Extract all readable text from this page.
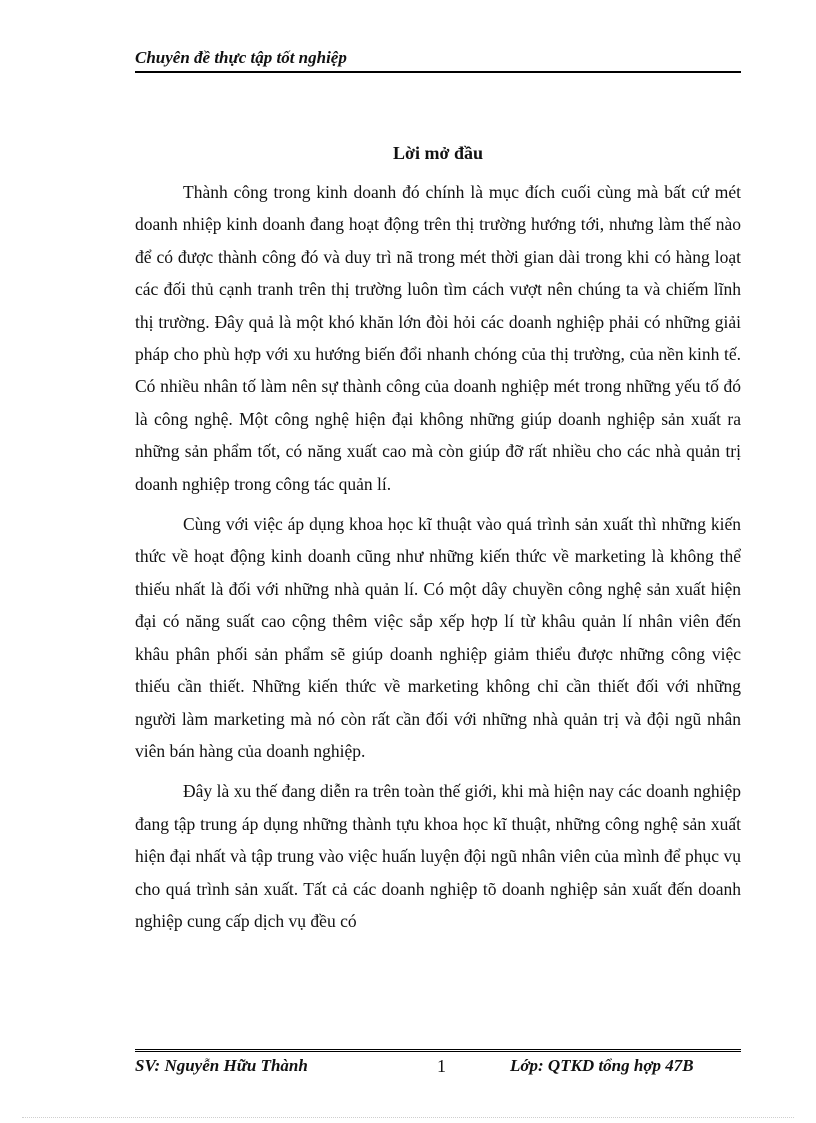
Chuyên đề thực tập tốt nghiệp
Lời mở đầu

Thành công trong kinh doanh đó chính là mục đích cuối cùng mà bất cứ mét doanh nhiệp kinh doanh đang hoạt động trên thị trường hướng tới, nhưng làm thế nào để có được thành công đó và duy trì nã trong mét thời gian dài trong khi có hàng loạt các đối thủ cạnh tranh trên thị trường luôn tìm cách vượt nên chúng ta và chiếm lĩnh thị trường. Đây quả là một khó khăn lớn đòi hỏi các doanh nghiệp phải có những giải pháp cho phù hợp với xu hướng biến đổi nhanh chóng của thị trường, của nền kinh tế. Có nhiều nhân tố làm nên sự thành công của doanh nghiệp mét trong những yếu tố đó là công nghệ. Một công nghệ hiện đại không những giúp doanh nghiệp sản xuất ra những sản phẩm tốt, có năng xuất cao mà còn giúp đỡ rất nhiều cho các nhà quản trị doanh nghiệp trong công tác quản lí.

Cùng với việc áp dụng khoa học kĩ thuật vào quá trình sản xuất thì những kiến thức về hoạt động kinh doanh cũng như những kiến thức về marketing là không thể thiếu nhất là đối với những nhà quản lí. Có một dây chuyền công nghệ sản xuất hiện đại có năng suất cao cộng thêm việc sắp xếp hợp lí từ khâu quản lí nhân viên đến khâu phân phối sản phẩm sẽ giúp doanh nghiệp giảm thiểu được những công việc thiếu cần thiết. Những kiến thức về marketing không chỉ cần thiết đối với những người làm marketing mà nó còn rất cần đối với những nhà quản trị và đội ngũ nhân viên bán hàng của doanh nghiệp.

Đây là xu thế đang diễn ra trên toàn thế giới, khi mà hiện nay các doanh nghiệp đang tập trung áp dụng những thành tựu khoa học kĩ thuật, những công nghệ sản xuất hiện đại nhất và tập trung vào việc huấn luyện đội ngũ nhân viên của mình để phục vụ cho quá trình sản xuất. Tất cả các doanh nghiệp tõ doanh nghiệp sản xuất đến doanh nghiệp cung cấp dịch vụ đều có

SV: Nguyễn Hữu Thành	1	Lớp: QTKD tổng hợp 47B
